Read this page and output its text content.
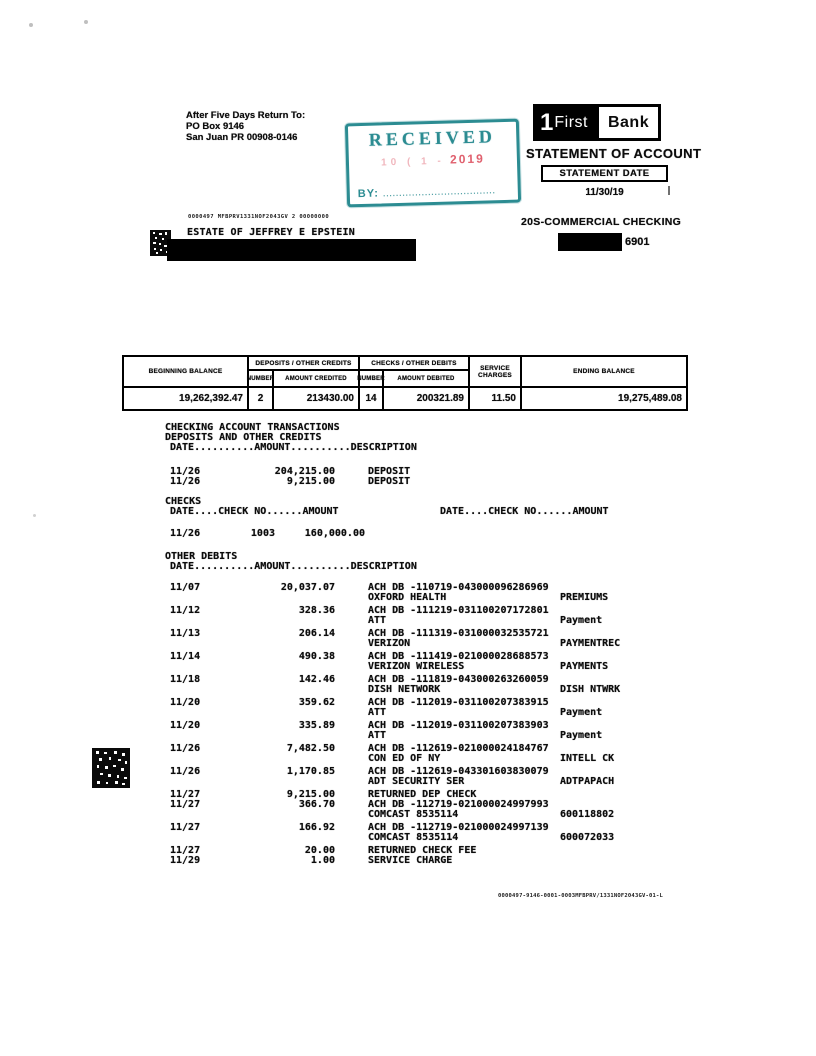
After Five Days Return To:
PO Box 9146
San Juan PR 00908-0146	RECEIVED
10 ( 1 - 2019
BY: ...................................
1 First Bank
STATEMENT OF ACCOUNT
STATEMENT DATE
11/30/19
20S-COMMERCIAL CHECKING
6901
0000497 MFBPRV1331NOF2043GV 2 00000000
ESTATE OF JEFFREY E EPSTEIN
BEGINNING BALANCE
DEPOSITS / OTHER CREDITS
NUMBER	AMOUNT CREDITED
CHECKS / OTHER DEBITS
NUMBER	AMOUNT DEBITED
SERVICE CHARGES	ENDING BALANCE
19,262,392.47	2	213430.00	14	200321.89	11.50	19,275,489.08
CHECKING ACCOUNT TRANSACTIONS
DEPOSITS AND OTHER CREDITS
DATE..........AMOUNT..........DESCRIPTION
11/26	204,215.00	DEPOSIT
11/26	9,215.00	DEPOSIT
CHECKS
DATE....CHECK NO......AMOUNT	DATE....CHECK NO......AMOUNT
11/26	1003	160,000.00
OTHER DEBITS
DATE..........AMOUNT..........DESCRIPTION
11/07	20,037.07	ACH DB -110719-043000096286969
OXFORD HEALTH	PREMIUMS
11/12	328.36	ACH DB -111219-031100207172801
ATT	Payment
11/13	206.14	ACH DB -111319-031000032535721
VERIZON	PAYMENTREC
11/14	490.38	ACH DB -111419-021000028688573
VERIZON WIRELESS	PAYMENTS
11/18	142.46	ACH DB -111819-043000263260059
DISH NETWORK	DISH NTWRK
11/20	359.62	ACH DB -112019-031100207383915
ATT	Payment
11/20	335.89	ACH DB -112019-031100207383903
ATT	Payment
11/26	7,482.50	ACH DB -112619-021000024184767
CON ED OF NY	INTELL CK
11/26	1,170.85	ACH DB -112619-043301603830079
ADT SECURITY SER	ADTPAPACH
11/27	9,215.00	RETURNED DEP CHECK
11/27	366.70	ACH DB -112719-021000024997993
COMCAST 8535114	600118802
11/27	166.92	ACH DB -112719-021000024997139
COMCAST 8535114	600072033
11/27	20.00	RETURNED CHECK FEE
11/29	1.00	SERVICE CHARGE
0000497-9146-0001-0003MFBPRV/1331NOF2043GV-01-L
